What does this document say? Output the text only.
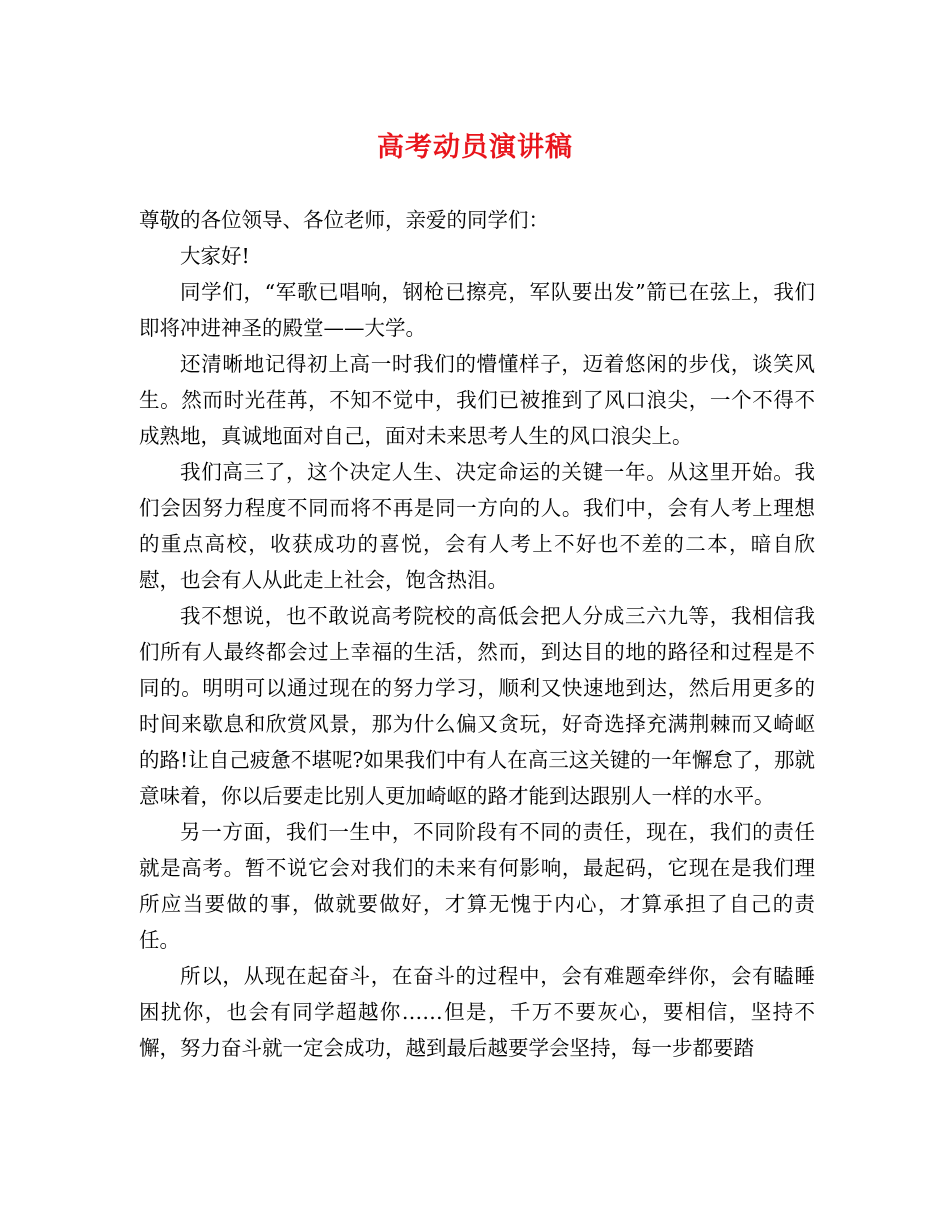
高考动员演讲稿

尊敬的各位领导、各位老师，亲爱的同学们：

大家好!

同学们，“军歌已唱响，钢枪已擦亮，军队要出发”箭已在弦上，我们即将冲进神圣的殿堂——大学。

还清晰地记得初上高一时我们的懵懂样子，迈着悠闲的步伐，谈笑风生。然而时光荏苒，不知不觉中，我们已被推到了风口浪尖，一个不得不成熟地，真诚地面对自己，面对未来思考人生的风口浪尖上。

我们高三了，这个决定人生、决定命运的关键一年。从这里开始。我们会因努力程度不同而将不再是同一方向的人。我们中，会有人考上理想的重点高校，收获成功的喜悦，会有人考上不好也不差的二本，暗自欣慰，也会有人从此走上社会，饱含热泪。

我不想说，也不敢说高考院校的高低会把人分成三六九等，我相信我们所有人最终都会过上幸福的生活，然而，到达目的地的路径和过程是不同的。明明可以通过现在的努力学习，顺利又快速地到达，然后用更多的时间来歇息和欣赏风景，那为什么偏又贪玩，好奇选择充满荆棘而又崎岖的路!让自己疲惫不堪呢?如果我们中有人在高三这关键的一年懈怠了，那就意味着，你以后要走比别人更加崎岖的路才能到达跟别人一样的水平。

另一方面，我们一生中，不同阶段有不同的责任，现在，我们的责任就是高考。暂不说它会对我们的未来有何影响，最起码，它现在是我们理所应当要做的事，做就要做好，才算无愧于内心，才算承担了自己的责任。

所以，从现在起奋斗，在奋斗的过程中，会有难题牵绊你，会有瞌睡困扰你，也会有同学超越你……但是，千万不要灰心，要相信，坚持不懈，努力奋斗就一定会成功，越到最后越要学会坚持，每一步都要踏
